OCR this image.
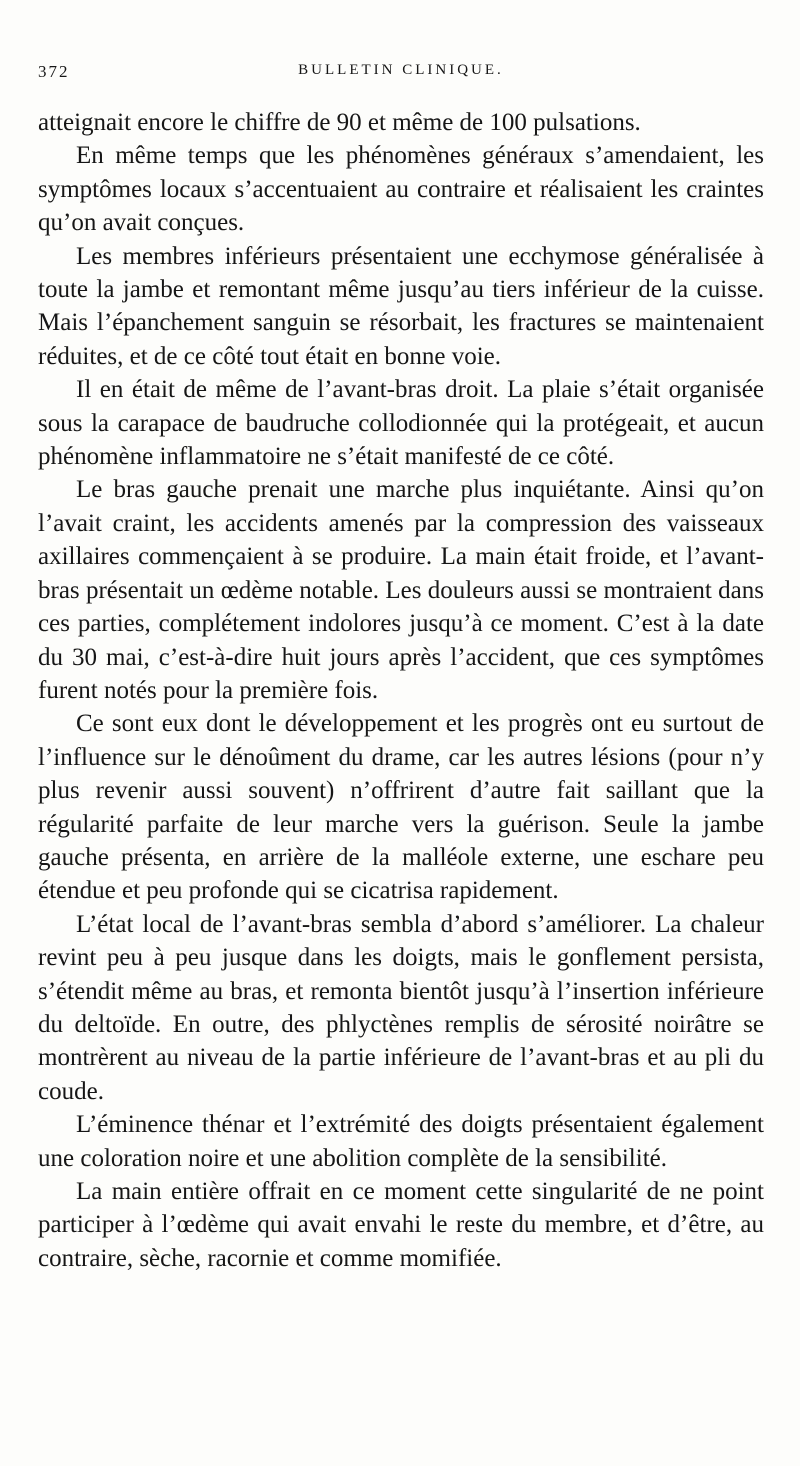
372	BULLETIN CLINIQUE.

atteignait encore le chiffre de 90 et même de 100 pulsations.

En même temps que les phénomènes généraux s’amendaient, les symptômes locaux s’accentuaient au contraire et réalisaient les craintes qu’on avait conçues.

Les membres inférieurs présentaient une ecchymose généralisée à toute la jambe et remontant même jusqu’au tiers inférieur de la cuisse. Mais l’épanchement sanguin se résorbait, les fractures se maintenaient réduites, et de ce côté tout était en bonne voie.

Il en était de même de l’avant-bras droit. La plaie s’était organisée sous la carapace de baudruche collodionnée qui la protégeait, et aucun phénomène inflammatoire ne s’était manifesté de ce côté.

Le bras gauche prenait une marche plus inquiétante. Ainsi qu’on l’avait craint, les accidents amenés par la compression des vaisseaux axillaires commençaient à se produire. La main était froide, et l’avant-bras présentait un œdème notable. Les douleurs aussi se montraient dans ces parties, complétement indolores jusqu’à ce moment. C’est à la date du 30 mai, c’est-à-dire huit jours après l’accident, que ces symptômes furent notés pour la première fois.

Ce sont eux dont le développement et les progrès ont eu surtout de l’influence sur le dénoûment du drame, car les autres lésions (pour n’y plus revenir aussi souvent) n’offrirent d’autre fait saillant que la régularité parfaite de leur marche vers la guérison. Seule la jambe gauche présenta, en arrière de la malléole externe, une eschare peu étendue et peu profonde qui se cicatrisa rapidement.

L’état local de l’avant-bras sembla d’abord s’améliorer. La chaleur revint peu à peu jusque dans les doigts, mais le gonflement persista, s’étendit même au bras, et remonta bientôt jusqu’à l’insertion inférieure du deltoïde. En outre, des phlyctènes remplis de sérosité noirâtre se montrèrent au niveau de la partie inférieure de l’avant-bras et au pli du coude.

L’éminence thénar et l’extrémité des doigts présentaient également une coloration noire et une abolition complète de la sensibilité.

La main entière offrait en ce moment cette singularité de ne point participer à l’œdème qui avait envahi le reste du membre, et d’être, au contraire, sèche, racornie et comme momifiée.
